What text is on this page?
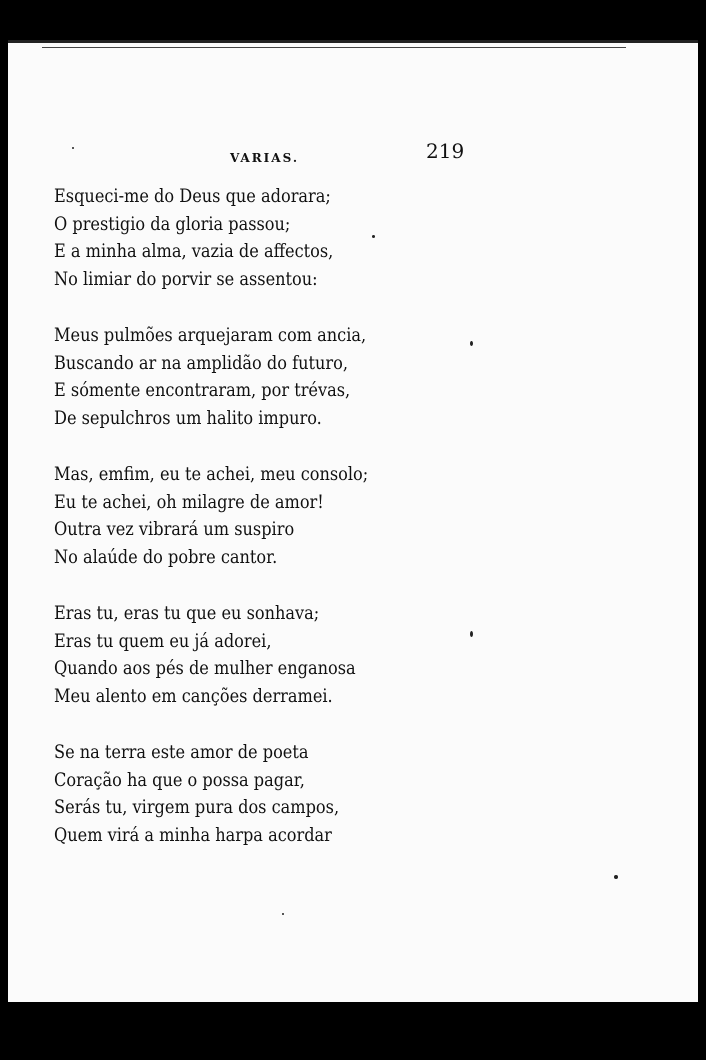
VARIAS.	219
Esqueci-me do Deus que adorara;
O prestigio da gloria passou;
E a minha alma, vazia de affectos,
No limiar do porvir se assentou:
Meus pulmões arquejaram com ancia,
Buscando ar na amplidão do futuro,
E sómente encontraram, por trévas,
De sepulchros um halito impuro.
Mas, emfim, eu te achei, meu consolo;
Eu te achei, oh milagre de amor!
Outra vez vibrará um suspiro
No alaúde do pobre cantor.
Eras tu, eras tu que eu sonhava;
Eras tu quem eu já adorei,
Quando aos pés de mulher enganosa
Meu alento em canções derramei.
Se na terra este amor de poeta
Coração ha que o possa pagar,
Serás tu, virgem pura dos campos,
Quem virá a minha harpa acordar
